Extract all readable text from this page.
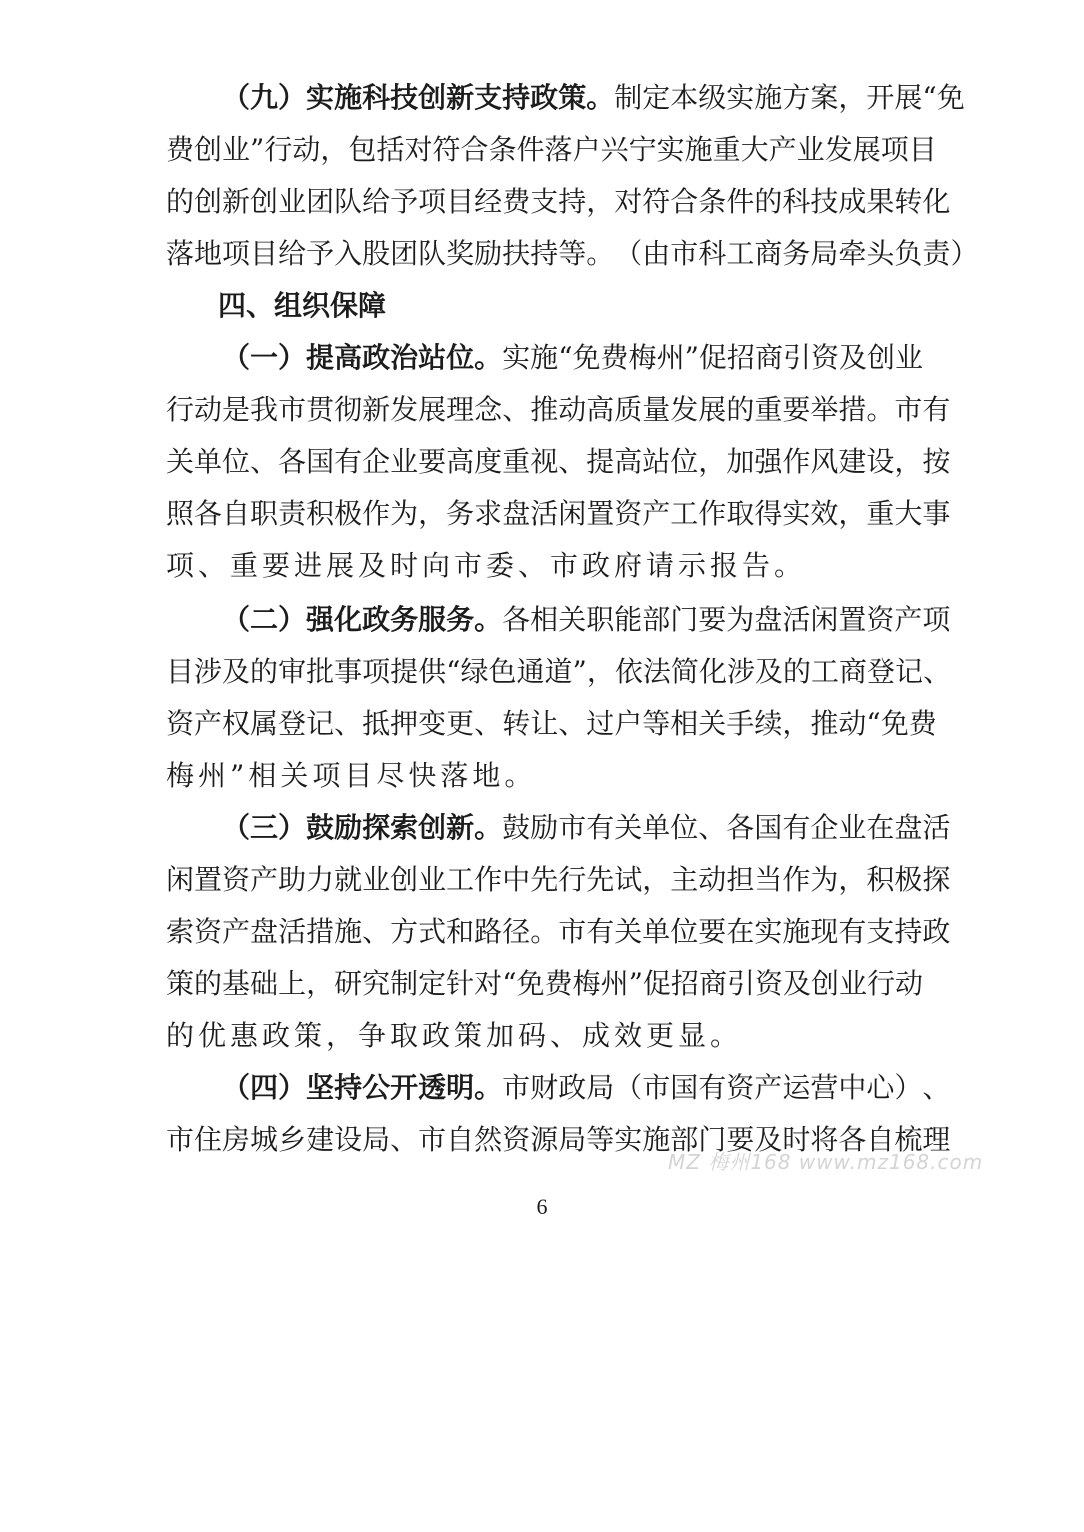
（ 九 ） 实 施 科 技 创 新 支 持 政 策 。 制 定 本 级 实 施 方 案 ， 开 展 “ 免
费 创 业 ” 行 动 ， 包 括 对 符 合 条 件 落 户 兴 宁 实 施 重 大 产 业 发 展 项 目
的 创 新 创 业 团 队 给 予 项 目 经 费 支 持 ， 对 符 合 条 件 的 科 技 成 果 转 化
落 地 项 目 给 予 入 股 团 队 奖 励 扶 持 等 。 （ 由 市 科 工 商 务 局 牵 头 负 责 ）
四、组织保障
（ 一 ） 提 高 政 治 站 位 。 实 施 “ 免 费 梅 州 ” 促 招 商 引 资 及 创 业
行 动 是 我 市 贯 彻 新 发 展 理 念 、 推 动 高 质 量 发 展 的 重 要 举 措 。 市 有
关 单 位 、 各 国 有 企 业 要 高 度 重 视 、 提 高 站 位 ， 加 强 作 风 建 设 ， 按
照 各 自 职 责 积 极 作 为 ， 务 求 盘 活 闲 置 资 产 工 作 取 得 实 效 ， 重 大 事
项、重要进展及时向市委、市政府请示报告。
（ 二 ） 强 化 政 务 服 务 。 各 相 关 职 能 部 门 要 为 盘 活 闲 置 资 产 项
目 涉 及 的 审 批 事 项 提 供 “ 绿 色 通 道 ” ， 依 法 简 化 涉 及 的 工 商 登 记 、
资 产 权 属 登 记 、 抵 押 变 更 、 转 让 、 过 户 等 相 关 手 续 ， 推 动 “ 免 费
梅州”相关项目尽快落地。
（ 三 ） 鼓 励 探 索 创 新 。 鼓 励 市 有 关 单 位 、 各 国 有 企 业 在 盘 活
闲 置 资 产 助 力 就 业 创 业 工 作 中 先 行 先 试 ， 主 动 担 当 作 为 ， 积 极 探
索 资 产 盘 活 措 施 、 方 式 和 路 径 。 市 有 关 单 位 要 在 实 施 现 有 支 持 政
策 的 基 础 上 ， 研 究 制 定 针 对 “ 免 费 梅 州 ” 促 招 商 引 资 及 创 业 行 动
的优惠政策，争取政策加码、成效更显。
（ 四 ） 坚 持 公 开 透 明 。 市 财 政 局 （ 市 国 有 资 产 运 营 中 心 ） 、
市 住 房 城 乡 建 设 局 、 市 自 然 资 源 局 等 实 施 部 门 要 及 时 将 各 自 梳 理
MZ 梅州168 www.mz168.com
6
